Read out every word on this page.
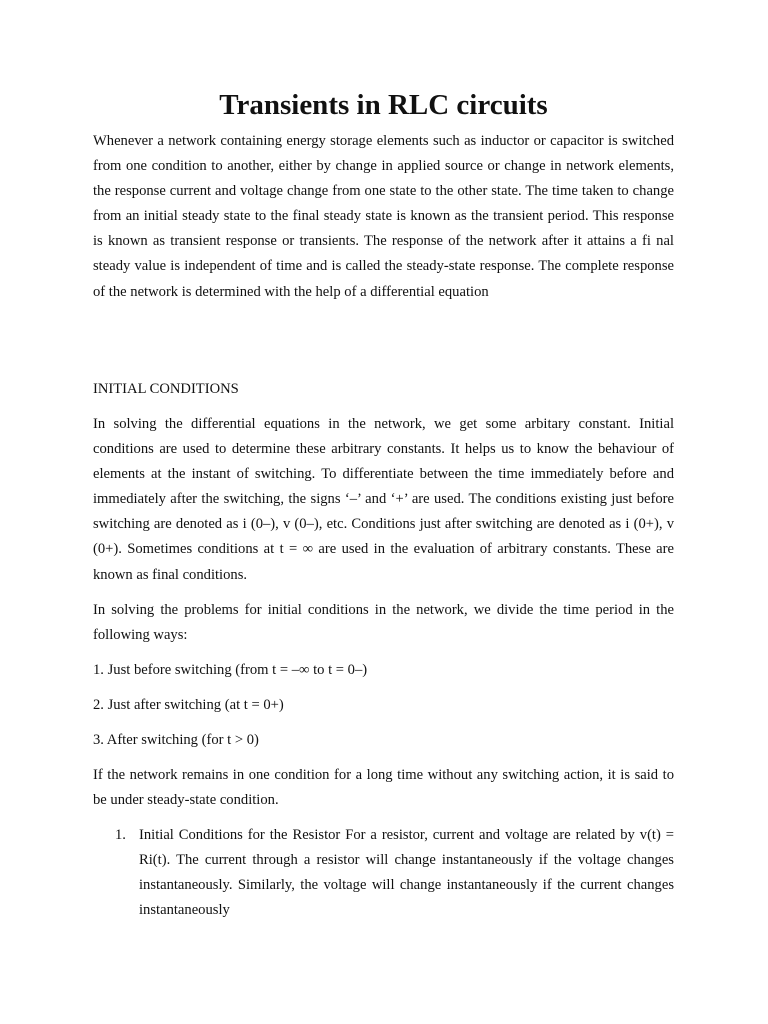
Transients in RLC circuits

Whenever a network containing energy storage elements such as inductor or capacitor is switched from one condition to another, either by change in applied source or change in network elements, the response current and voltage change from one state to the other state. The time taken to change from an initial steady state to the final steady state is known as the transient period. This response is known as transient response or transients. The response of the network after it attains a fi nal steady value is independent of time and is called the steady-state response. The complete response of the network is determined with the help of a differential equation

INITIAL CONDITIONS

In solving the differential equations in the network, we get some arbitary constant. Initial conditions are used to determine these arbitrary constants. It helps us to know the behaviour of elements at the instant of switching. To differentiate between the time immediately before and immediately after the switching, the signs ‘–’ and ‘+’ are used. The conditions existing just before switching are denoted as i (0–), v (0–), etc. Conditions just after switching are denoted as i (0+), v (0+). Sometimes conditions at t = ∞ are used in the evaluation of arbitrary constants. These are known as final conditions.

In solving the problems for initial conditions in the network, we divide the time period in the following ways:

1. Just before switching (from t = –∞ to t = 0–)

2. Just after switching (at t = 0+)

3. After switching (for t > 0)

If the network remains in one condition for a long time without any switching action, it is said to be under steady-state condition.

1. Initial Conditions for the Resistor For a resistor, current and voltage are related by v(t) = Ri(t). The current through a resistor will change instantaneously if the voltage changes instantaneously. Similarly, the voltage will change instantaneously if the current changes instantaneously
